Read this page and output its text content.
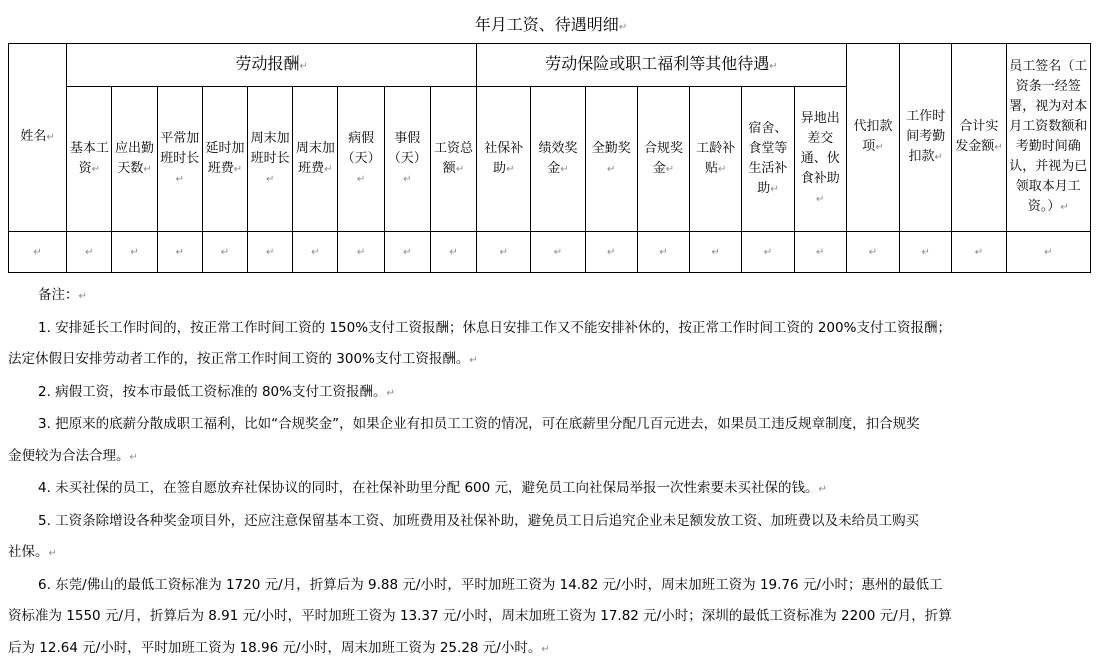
年月工资、待遇明细↵
姓名↵	劳动报酬↵									劳动保险或职工福利等其他待遇↵							代扣款项↵	工作时间考勤扣款↵	合计实发金额↵	员工签名（工资条一经签署，视为对本月工资数额和考勤时间确认，并视为已领取本月工资。）↵
	基本工资↵	应出勤天数↵	平常加班时长↵	延时加班费↵	周末加班时长↵	周末加班费↵	病假（天）↵	事假（天）↵	工资总额↵	社保补助↵	绩效奖金↵	全勤奖↵	合规奖金↵	工龄补贴↵	宿舍、食堂等生活补助↵	异地出差交通、伙食补助↵				
↵	↵	↵	↵	↵	↵	↵	↵	↵	↵	↵	↵	↵	↵	↵	↵	↵	↵	↵	↵	↵
备注：↵

1. 安排延长工作时间的，按正常工作时间工资的 150%支付工资报酬；休息日安排工作又不能安排补休的，按正常工作时间工资的 200%支付工资报酬；

法定休假日安排劳动者工作的，按正常工作时间工资的 300%支付工资报酬。↵

2. 病假工资，按本市最低工资标准的 80%支付工资报酬。↵

3. 把原来的底薪分散成职工福利，比如“合规奖金”，如果企业有扣员工工资的情况，可在底薪里分配几百元进去，如果员工违反规章制度，扣合规奖

金便较为合法合理。↵

4. 未买社保的员工，在签自愿放弃社保协议的同时，在社保补助里分配 600 元，避免员工向社保局举报一次性索要未买社保的钱。↵

5. 工资条除增设各种奖金项目外，还应注意保留基本工资、加班费用及社保补助，避免员工日后追究企业未足额发放工资、加班费以及未给员工购买

社保。↵

6. 东莞/佛山的最低工资标准为 1720 元/月，折算后为 9.88 元/小时，平时加班工资为 14.82 元/小时，周末加班工资为 19.76 元/小时；惠州的最低工

资标准为 1550 元/月，折算后为 8.91 元/小时，平时加班工资为 13.37 元/小时，周末加班工资为 17.82 元/小时；深圳的最低工资标准为 2200 元/月，折算

后为 12.64 元/小时，平时加班工资为 18.96 元/小时，周末加班工资为 25.28 元/小时。↵
